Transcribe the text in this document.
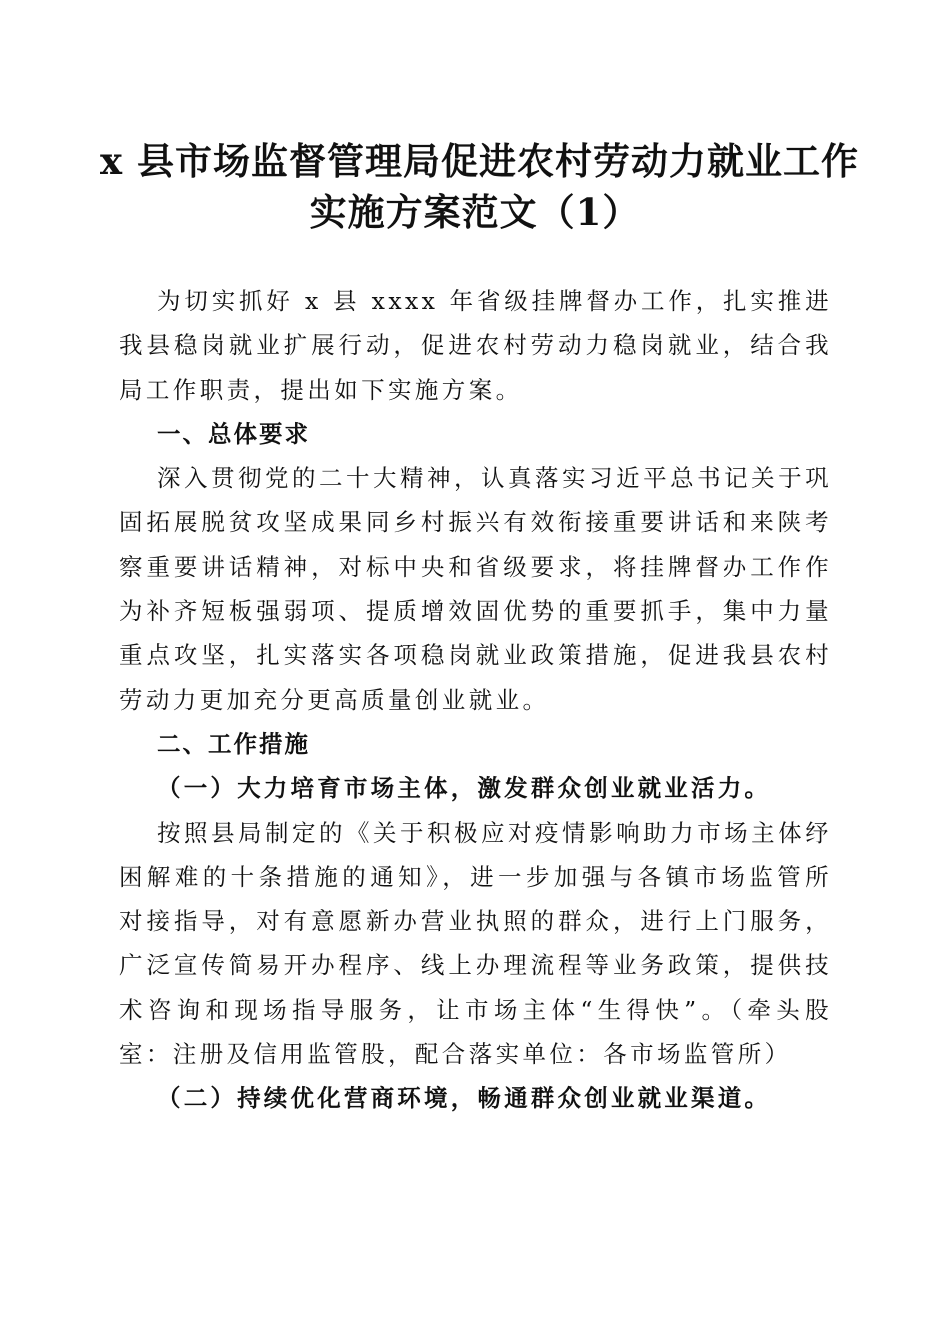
x 县市场监督管理局促进农村劳动力就业工作
实施方案范文（1）

为切实抓好 x 县 xxxx 年省级挂牌督办工作，扎实推进我县稳岗就业扩展行动，促进农村劳动力稳岗就业，结合我局工作职责，提出如下实施方案。

一、总体要求

深入贯彻党的二十大精神，认真落实习近平总书记关于巩固拓展脱贫攻坚成果同乡村振兴有效衔接重要讲话和来陕考察重要讲话精神，对标中央和省级要求，将挂牌督办工作作为补齐短板强弱项、提质增效固优势的重要抓手，集中力量重点攻坚，扎实落实各项稳岗就业政策措施，促进我县农村劳动力更加充分更高质量创业就业。

二、工作措施

（一）大力培育市场主体，激发群众创业就业活力。

按照县局制定的《关于积极应对疫情影响助力市场主体纾困解难的十条措施的通知》，进一步加强与各镇市场监管所对接指导，对有意愿新办营业执照的群众，进行上门服务，广泛宣传简易开办程序、线上办理流程等业务政策，提供技术咨询和现场指导服务，让市场主体“生得快”。（牵头股室：注册及信用监管股，配合落实单位：各市场监管所）

（二）持续优化营商环境，畅通群众创业就业渠道。
